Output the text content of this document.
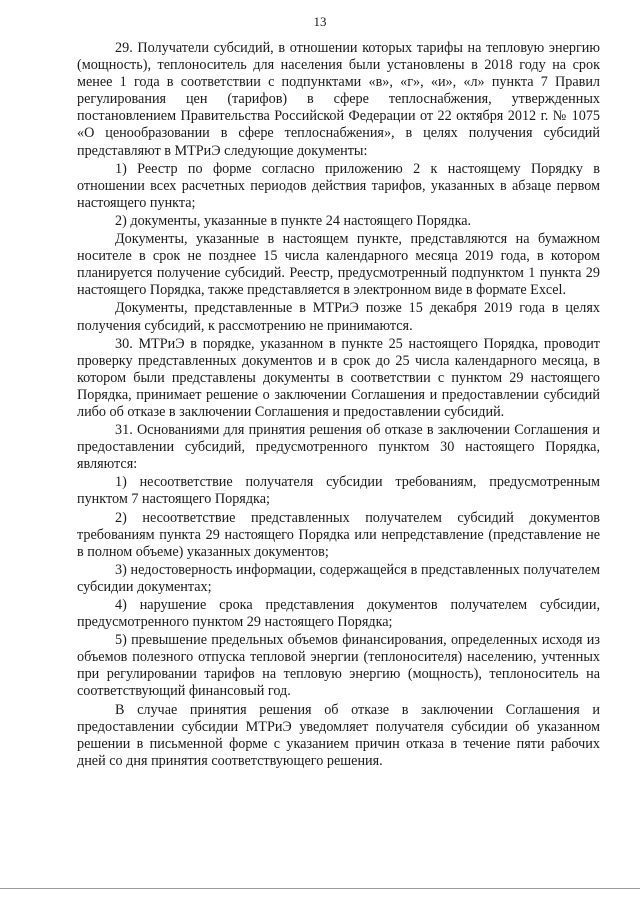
13

29. Получатели субсидий, в отношении которых тарифы на тепловую энергию (мощность), теплоноситель для населения были установлены в 2018 году на срок менее 1 года в соответствии с подпунктами «в», «г», «и», «л» пункта 7 Правил регулирования цен (тарифов) в сфере теплоснабжения, утвержденных постановлением Правительства Российской Федерации от 22 октября 2012 г. № 1075 «О ценообразовании в сфере теплоснабжения», в целях получения субсидий представляют в МТРиЭ следующие документы:

1) Реестр по форме согласно приложению 2 к настоящему Порядку в отношении всех расчетных периодов действия тарифов, указанных в абзаце первом настоящего пункта;

2) документы, указанные в пункте 24 настоящего Порядка.

Документы, указанные в настоящем пункте, представляются на бумажном носителе в срок не позднее 15 числа календарного месяца 2019 года, в котором планируется получение субсидий. Реестр, предусмотренный подпунктом 1 пункта 29 настоящего Порядка, также представляется в электронном виде в формате Excel.

Документы, представленные в МТРиЭ позже 15 декабря 2019 года в целях получения субсидий, к рассмотрению не принимаются.

30. МТРиЭ в порядке, указанном в пункте 25 настоящего Порядка, проводит проверку представленных документов и в срок до 25 числа календарного месяца, в котором были представлены документы в соответствии с пунктом 29 настоящего Порядка, принимает решение о заключении Соглашения и предоставлении субсидий либо об отказе в заключении Соглашения и предоставлении субсидий.

31. Основаниями для принятия решения об отказе в заключении Соглашения и предоставлении субсидий, предусмотренного пунктом 30 настоящего Порядка, являются:

1) несоответствие получателя субсидии требованиям, предусмотренным пунктом 7 настоящего Порядка;

2) несоответствие представленных получателем субсидий документов требованиям пункта 29 настоящего Порядка или непредставление (представление не в полном объеме) указанных документов;

3) недостоверность информации, содержащейся в представленных получателем субсидии документах;

4) нарушение срока представления документов получателем субсидии, предусмотренного пунктом 29 настоящего Порядка;

5) превышение предельных объемов финансирования, определенных исходя из объемов полезного отпуска тепловой энергии (теплоносителя) населению, учтенных при регулировании тарифов на тепловую энергию (мощность), теплоноситель на соответствующий финансовый год.

В случае принятия решения об отказе в заключении Соглашения и предоставлении субсидии МТРиЭ уведомляет получателя субсидии об указанном решении в письменной форме с указанием причин отказа в течение пяти рабочих дней со дня принятия соответствующего решения.
